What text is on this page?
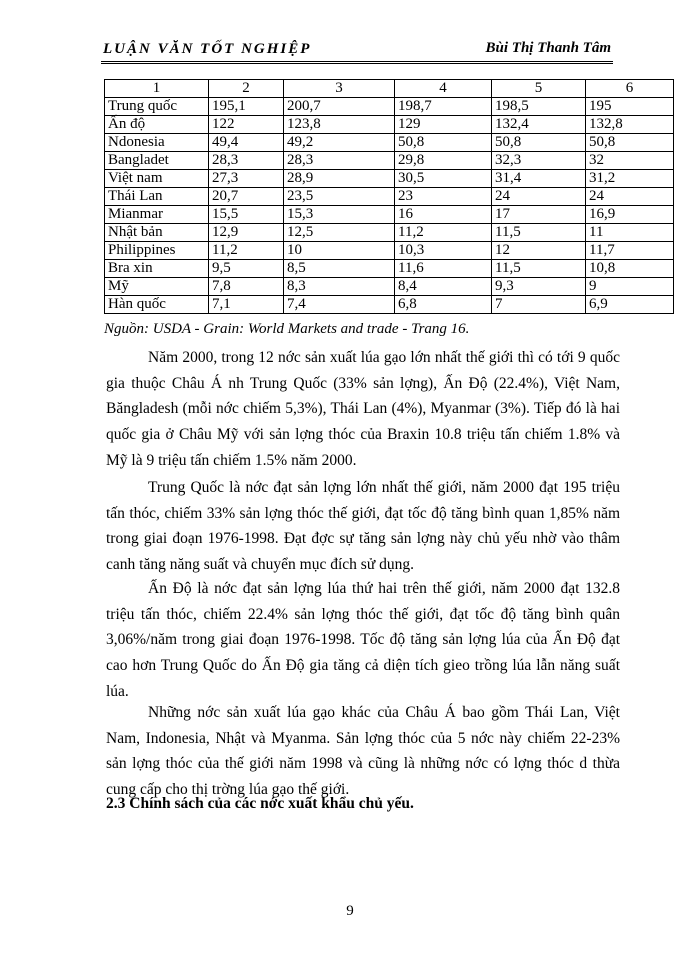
LUẬN VĂN TỐT NGHIỆP	Bùi Thị Thanh Tâm
1	2	3	4	5	6
Trung quốc	195,1	200,7	198,7	198,5	195
Ấn độ	122	123,8	129	132,4	132,8
Ndonesia	49,4	49,2	50,8	50,8	50,8
Bangladet	28,3	28,3	29,8	32,3	32
Việt nam	27,3	28,9	30,5	31,4	31,2
Thái Lan	20,7	23,5	23	24	24
Mianmar	15,5	15,3	16	17	16,9
Nhật bản	12,9	12,5	11,2	11,5	11
Philippines	11,2	10	10,3	12	11,7
Bra xin	9,5	8,5	11,6	11,5	10,8
Mỹ	7,8	8,3	8,4	9,3	9
Hàn quốc	7,1	7,4	6,8	7	6,9
Nguồn: USDA - Grain: World Markets and trade - Trang 16.

Năm 2000, trong 12 nớc sản xuất lúa gạo lớn nhất thế giới thì có tới 9 quốc gia thuộc Châu Á nh Trung Quốc (33% sản lợng), Ấn Độ (22.4%), Việt Nam, Băngladesh (mỗi nớc chiếm 5,3%), Thái Lan (4%), Myanmar (3%). Tiếp đó là hai quốc gia ở Châu Mỹ với sản lợng thóc của Braxin 10.8 triệu tấn chiếm 1.8% và Mỹ là 9 triệu tấn chiếm 1.5% năm 2000.

Trung Quốc là nớc đạt sản lợng lớn nhất thế giới, năm 2000 đạt 195 triệu tấn thóc, chiếm 33% sản lợng thóc thế giới, đạt tốc độ tăng bình quan 1,85% năm trong giai đoạn 1976-1998. Đạt đợc sự tăng sản lợng này chủ yếu nhờ vào thâm canh tăng năng suất và chuyển mục đích sử dụng.

Ấn Độ là nớc đạt sản lợng lúa thứ hai trên thế giới, năm 2000 đạt 132.8 triệu tấn thóc, chiếm 22.4% sản lợng thóc thế giới, đạt tốc độ tăng bình quân 3,06%/năm trong giai đoạn 1976-1998. Tốc độ tăng sản lợng lúa của Ấn Độ đạt cao hơn Trung Quốc do Ấn Độ gia tăng cả diện tích gieo trồng lúa lẫn năng suất lúa.

Những nớc sản xuất lúa gạo khác của Châu Á bao gồm Thái Lan, Việt Nam, Indonesia, Nhật và Myanma. Sản lợng thóc của 5 nớc này chiếm 22-23% sản lợng thóc của thế giới năm 1998 và cũng là những nớc có lợng thóc d thừa cung cấp cho thị trờng lúa gạo thế giới.

2.3 Chính sách của các nớc xuất khẩu chủ yếu.
9
